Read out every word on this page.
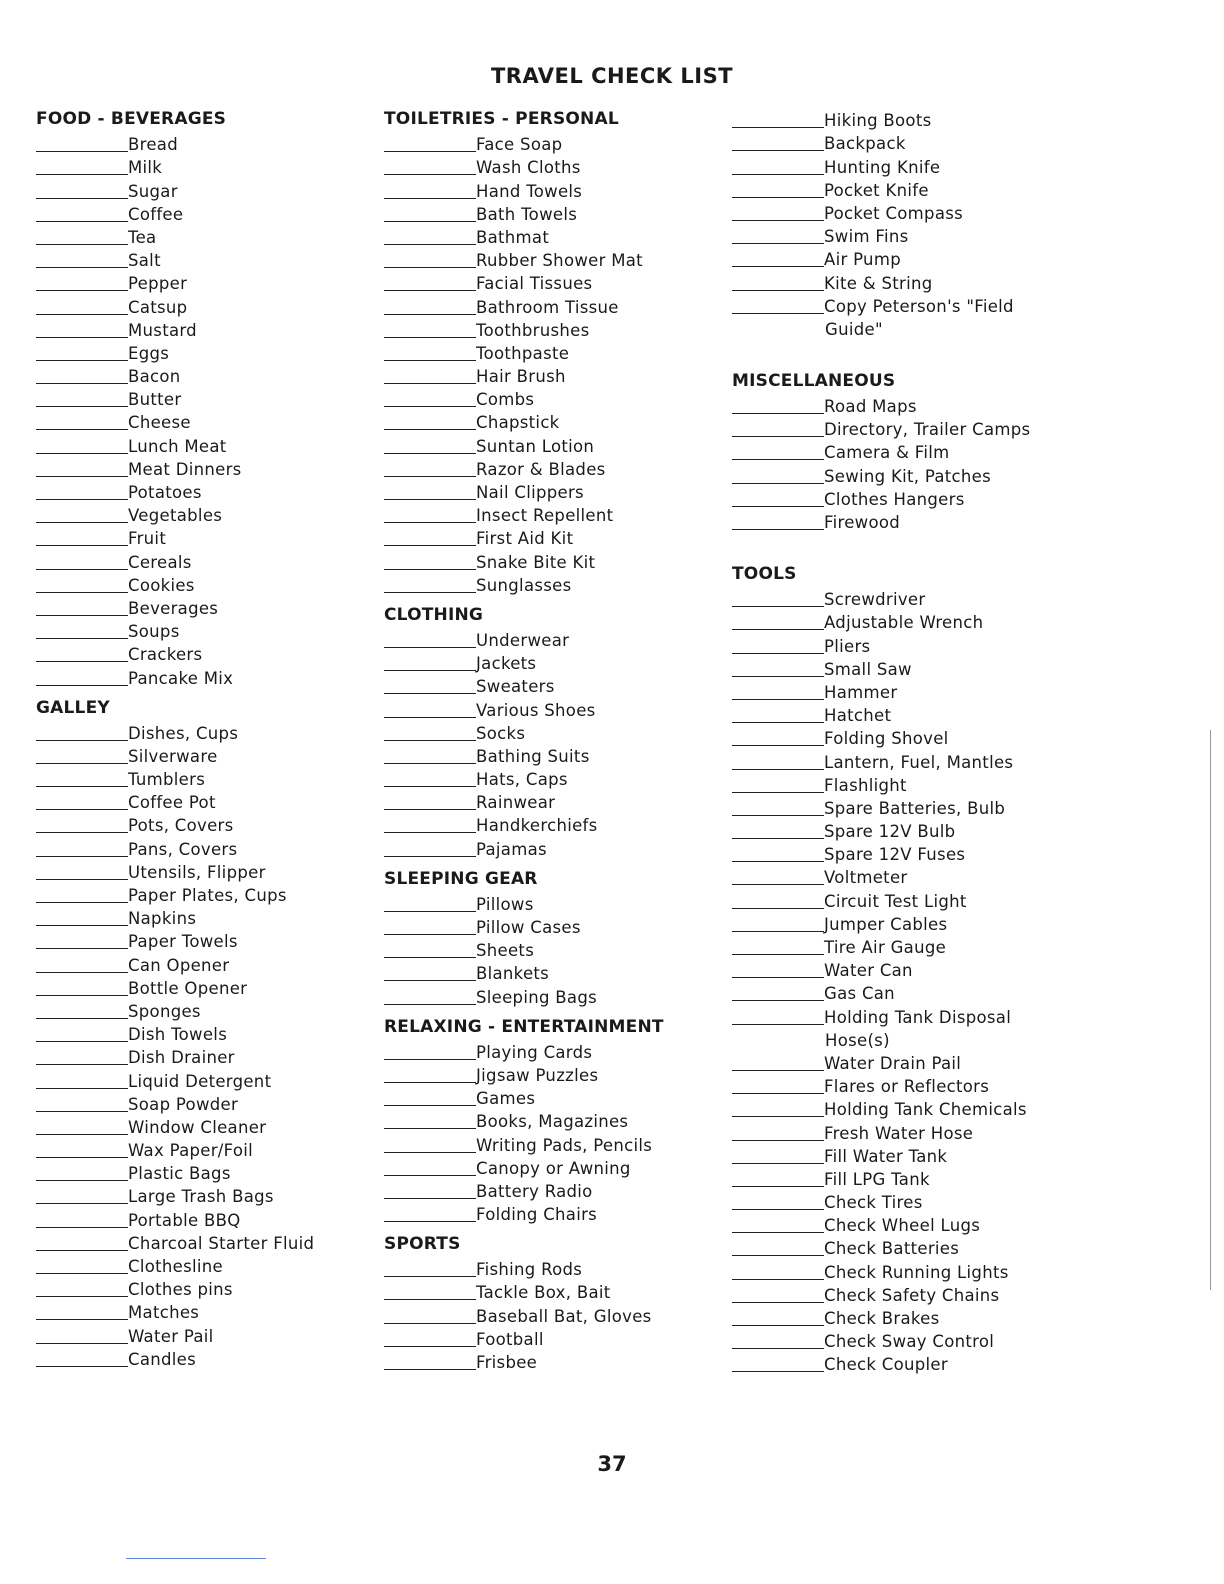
TRAVEL CHECK LIST
FOOD - BEVERAGES
Bread
Milk
Sugar
Coffee
Tea
Salt
Pepper
Catsup
Mustard
Eggs
Bacon
Butter
Cheese
Lunch Meat
Meat Dinners
Potatoes
Vegetables
Fruit
Cereals
Cookies
Beverages
Soups
Crackers
Pancake Mix
GALLEY
Dishes, Cups
Silverware
Tumblers
Coffee Pot
Pots, Covers
Pans, Covers
Utensils, Flipper
Paper Plates, Cups
Napkins
Paper Towels
Can Opener
Bottle Opener
Sponges
Dish Towels
Dish Drainer
Liquid Detergent
Soap Powder
Window Cleaner
Wax Paper/Foil
Plastic Bags
Large Trash Bags
Portable BBQ
Charcoal Starter Fluid
Clothesline
Clothes pins
Matches
Water Pail
Candles
TOILETRIES - PERSONAL
Face Soap
Wash Cloths
Hand Towels
Bath Towels
Bathmat
Rubber Shower Mat
Facial Tissues
Bathroom Tissue
Toothbrushes
Toothpaste
Hair Brush
Combs
Chapstick
Suntan Lotion
Razor & Blades
Nail Clippers
Insect Repellent
First Aid Kit
Snake Bite Kit
Sunglasses
CLOTHING
Underwear
Jackets
Sweaters
Various Shoes
Socks
Bathing Suits
Hats, Caps
Rainwear
Handkerchiefs
Pajamas
SLEEPING GEAR
Pillows
Pillow Cases
Sheets
Blankets
Sleeping Bags
RELAXING - ENTERTAINMENT
Playing Cards
Jigsaw Puzzles
Games
Books, Magazines
Writing Pads, Pencils
Canopy or Awning
Battery Radio
Folding Chairs
SPORTS
Fishing Rods
Tackle Box, Bait
Baseball Bat, Gloves
Football
Frisbee
Hiking Boots
Backpack
Hunting Knife
Pocket Knife
Pocket Compass
Swim Fins
Air Pump
Kite & String
Copy Peterson's "Field
Guide"
MISCELLANEOUS
Road Maps
Directory, Trailer Camps
Camera & Film
Sewing Kit, Patches
Clothes Hangers
Firewood
TOOLS
Screwdriver
Adjustable Wrench
Pliers
Small Saw
Hammer
Hatchet
Folding Shovel
Lantern, Fuel, Mantles
Flashlight
Spare Batteries, Bulb
Spare 12V Bulb
Spare 12V Fuses
Voltmeter
Circuit Test Light
Jumper Cables
Tire Air Gauge
Water Can
Gas Can
Holding Tank Disposal
Hose(s)
Water Drain Pail
Flares or Reflectors
Holding Tank Chemicals
Fresh Water Hose
Fill Water Tank
Fill LPG Tank
Check Tires
Check Wheel Lugs
Check Batteries
Check Running Lights
Check Safety Chains
Check Brakes
Check Sway Control
Check Coupler
37
